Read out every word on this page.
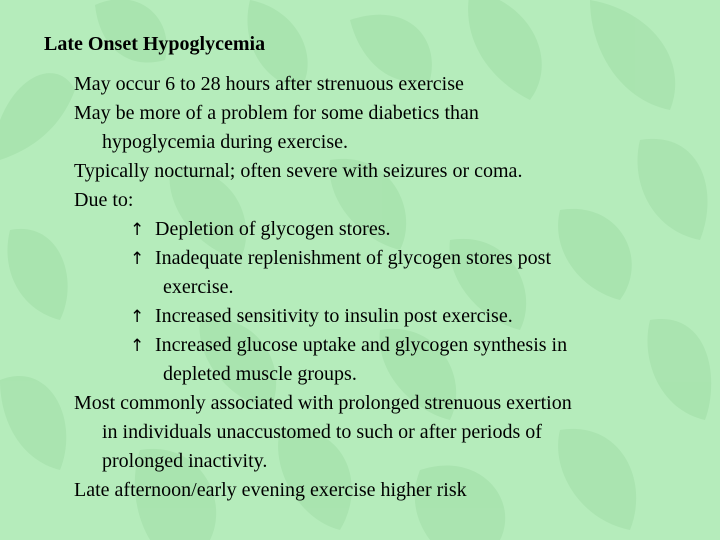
Late Onset Hypoglycemia
May occur 6 to 28 hours after strenuous exercise
May be more of a problem for some diabetics than
hypoglycemia during exercise.
Typically nocturnal; often severe with seizures or coma.
Due to:
↑ Depletion of glycogen stores.
↑ Inadequate replenishment of glycogen stores post
exercise.
↑ Increased sensitivity to insulin post exercise.
↑ Increased glucose uptake and glycogen synthesis in
depleted muscle groups.
Most commonly associated with prolonged strenuous exertion
in individuals unaccustomed to such or after periods of
prolonged inactivity.
Late afternoon/early evening exercise higher risk
